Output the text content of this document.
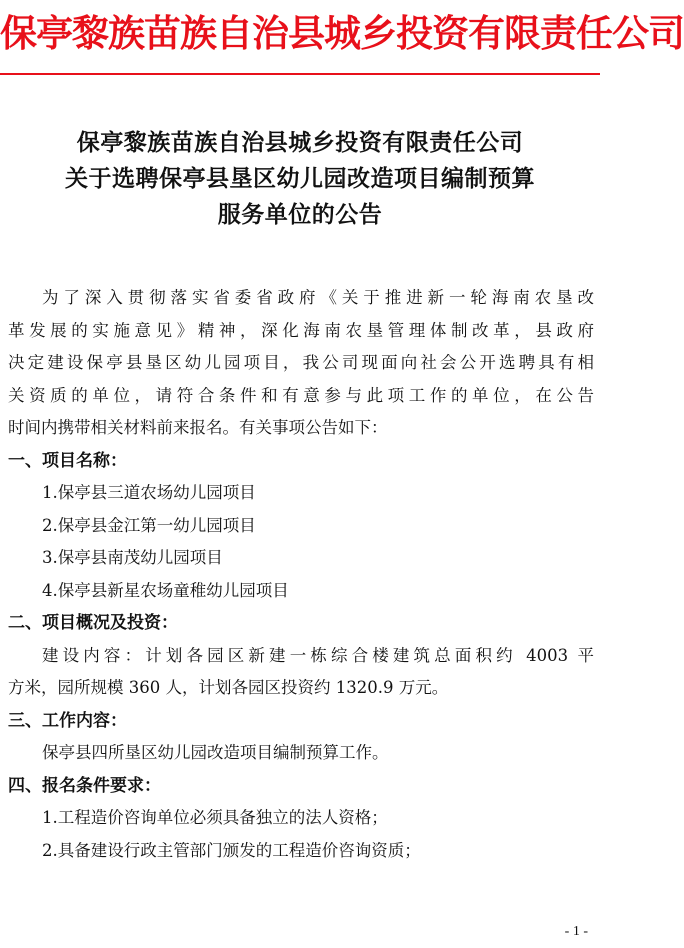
保亭黎族苗族自治县城乡投资有限责任公司
保亭黎族苗族自治县城乡投资有限责任公司
关于选聘保亭县垦区幼儿园改造项目编制预算
服务单位的公告
为了深入贯彻落实省委省政府《关于推进新一轮海南农垦改
革发展的实施意见》精神，深化海南农垦管理体制改革，县政府
决定建设保亭县垦区幼儿园项目，我公司现面向社会公开选聘具有相
关资质的单位，请符合条件和有意参与此项工作的单位，在公告
时间内携带相关材料前来报名。有关事项公告如下：
一、项目名称：
1.保亭县三道农场幼儿园项目
2.保亭县金江第一幼儿园项目
3.保亭县南茂幼儿园项目
4.保亭县新星农场童稚幼儿园项目
二、项目概况及投资：
建设内容：计划各园区新建一栋综合楼建筑总面积约 4003 平
方米，园所规模 360 人，计划各园区投资约 1320.9 万元。
三、工作内容：
保亭县四所垦区幼儿园改造项目编制预算工作。
四、报名条件要求：
1.工程造价咨询单位必须具备独立的法人资格；
2.具备建设行政主管部门颁发的工程造价咨询资质；
- 1 -
